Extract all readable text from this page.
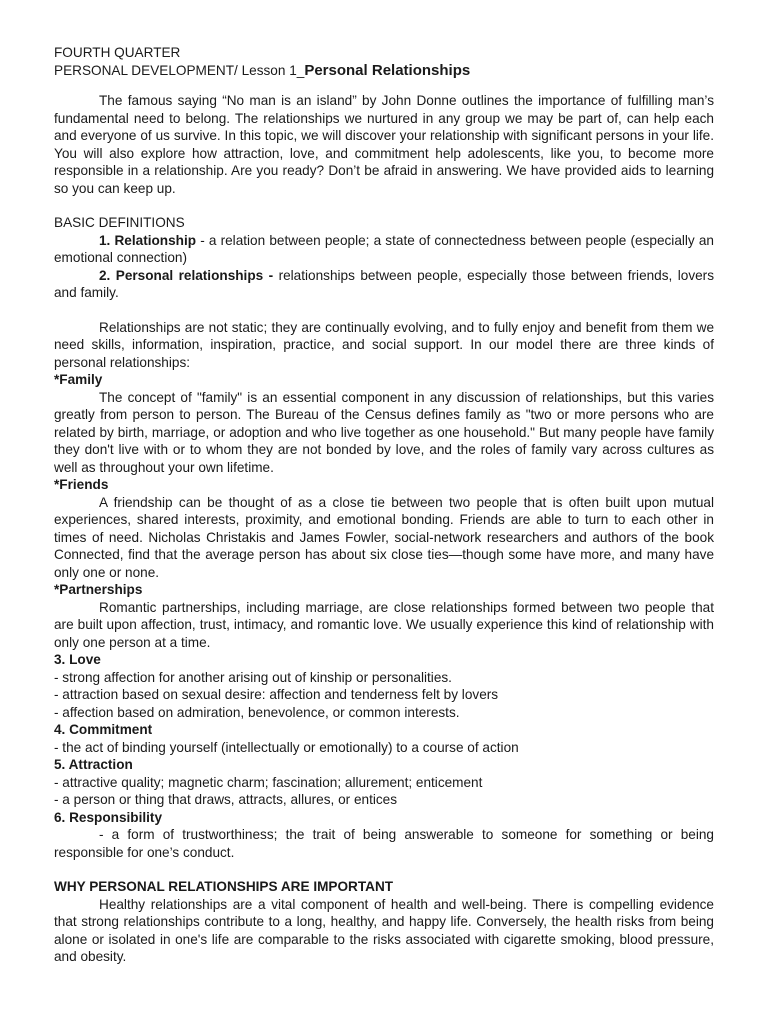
FOURTH QUARTER

PERSONAL DEVELOPMENT/ Lesson 1_Personal Relationships

The famous saying “No man is an island” by John Donne outlines the importance of fulfilling man’s fundamental need to belong. The relationships we nurtured in any group we may be part of, can help each and everyone of us survive. In this topic, we will discover your relationship with significant persons in your life. You will also explore how attraction, love, and commitment help adolescents, like you, to become more responsible in a relationship. Are you ready? Don’t be afraid in answering. We have provided aids to learning so you can keep up.

BASIC DEFINITIONS

1. Relationship - a relation between people; a state of connectedness between people (especially an emotional connection)

2. Personal relationships - relationships between people, especially those between friends, lovers and family.

Relationships are not static; they are continually evolving, and to fully enjoy and benefit from them we need skills, information, inspiration, practice, and social support. In our model there are three kinds of personal relationships:

*Family

The concept of "family" is an essential component in any discussion of relationships, but this varies greatly from person to person. The Bureau of the Census defines family as "two or more persons who are related by birth, marriage, or adoption and who live together as one household." But many people have family they don't live with or to whom they are not bonded by love, and the roles of family vary across cultures as well as throughout your own lifetime.

*Friends

A friendship can be thought of as a close tie between two people that is often built upon mutual experiences, shared interests, proximity, and emotional bonding. Friends are able to turn to each other in times of need. Nicholas Christakis and James Fowler, social-network researchers and authors of the book Connected, find that the average person has about six close ties—though some have more, and many have only one or none.

*Partnerships

Romantic partnerships, including marriage, are close relationships formed between two people that are built upon affection, trust, intimacy, and romantic love. We usually experience this kind of relationship with only one person at a time.

3. Love

- strong affection for another arising out of kinship or personalities.

- attraction based on sexual desire: affection and tenderness felt by lovers

- affection based on admiration, benevolence, or common interests.

4. Commitment

- the act of binding yourself (intellectually or emotionally) to a course of action

5. Attraction

- attractive quality; magnetic charm; fascination; allurement; enticement

- a person or thing that draws, attracts, allures, or entices

6. Responsibility

- a form of trustworthiness; the trait of being answerable to someone for something or being responsible for one’s conduct.

WHY PERSONAL RELATIONSHIPS ARE IMPORTANT

Healthy relationships are a vital component of health and well-being. There is compelling evidence that strong relationships contribute to a long, healthy, and happy life. Conversely, the health risks from being alone or isolated in one's life are comparable to the risks associated with cigarette smoking, blood pressure, and obesity.
